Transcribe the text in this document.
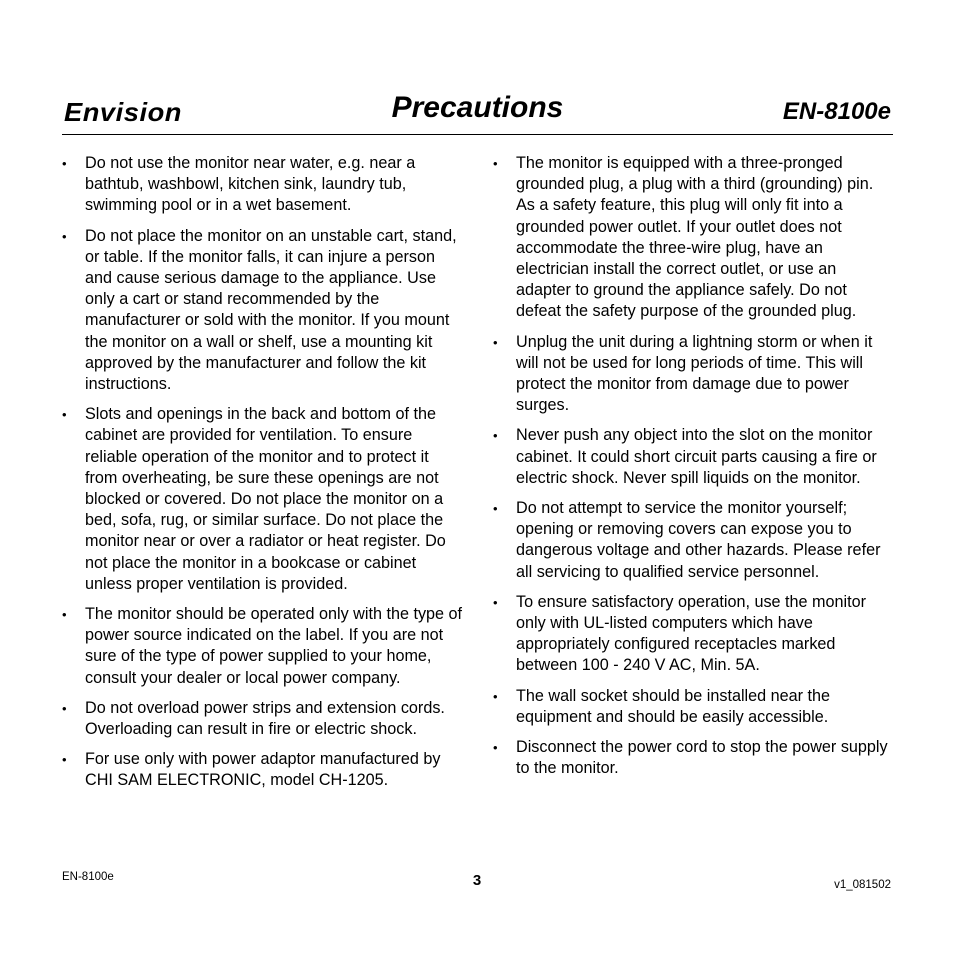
Envision	Precautions	EN-8100e
• Do not use the monitor near water, e.g. near a bathtub, washbowl, kitchen sink, laundry tub, swimming pool or in a wet basement.
• Do not place the monitor on an unstable cart, stand, or table. If the monitor falls, it can injure a person and cause serious damage to the appliance. Use only a cart or stand recommended by the manufacturer or sold with the monitor. If you mount the monitor on a wall or shelf, use a mounting kit approved by the manufacturer and follow the kit instructions.
• Slots and openings in the back and bottom of the cabinet are provided for ventilation. To ensure reliable operation of the monitor and to protect it from overheating, be sure these openings are not blocked or covered. Do not place the monitor on a bed, sofa, rug, or similar surface. Do not place the monitor near or over a radiator or heat register. Do not place the monitor in a bookcase or cabinet unless proper ventilation is provided.
• The monitor should be operated only with the type of power source indicated on the label. If you are not sure of the type of power supplied to your home, consult your dealer or local power company.
• Do not overload power strips and extension cords. Overloading can result in fire or electric shock.
• For use only with power adaptor manufactured by CHI SAM ELECTRONIC, model CH-1205.
• The monitor is equipped with a three-pronged grounded plug, a plug with a third (grounding) pin. As a safety feature, this plug will only fit into a grounded power outlet. If your outlet does not accommodate the three-wire plug, have an electrician install the correct outlet, or use an adapter to ground the appliance safely. Do not defeat the safety purpose of the grounded plug.
• Unplug the unit during a lightning storm or when it will not be used for long periods of time. This will protect the monitor from damage due to power surges.
• Never push any object into the slot on the monitor cabinet. It could short circuit parts causing a fire or electric shock. Never spill liquids on the monitor.
• Do not attempt to service the monitor yourself; opening or removing covers can expose you to dangerous voltage and other hazards. Please refer all servicing to qualified service personnel.
• To ensure satisfactory operation, use the monitor only with UL-listed computers which have appropriately configured receptacles marked between 100 - 240 V AC, Min. 5A.
• The wall socket should be installed near the equipment and should be easily accessible.
• Disconnect the power cord to stop the power supply to the monitor.
EN-8100e	3	v1_081502
